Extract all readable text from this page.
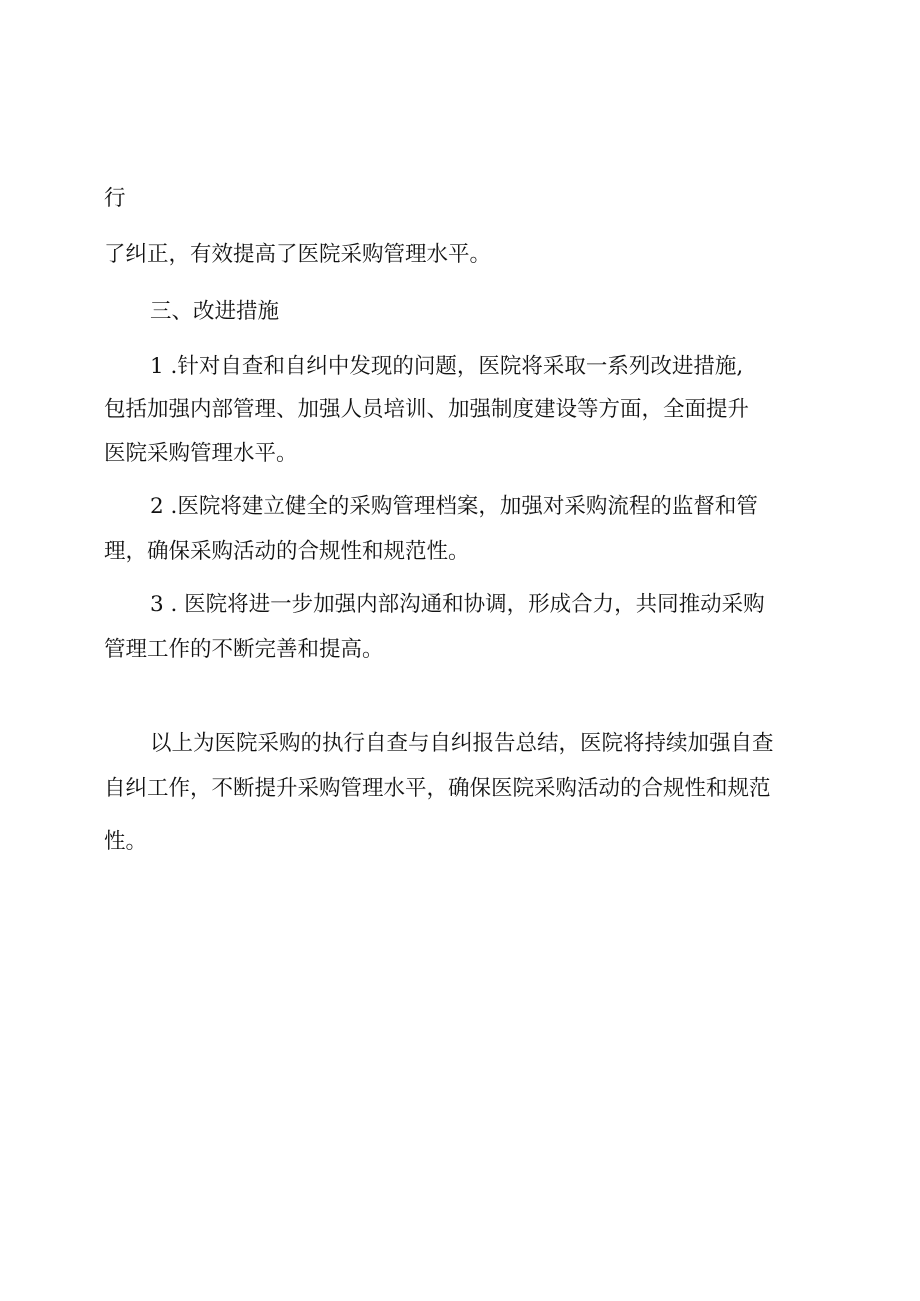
行

了纠正，有效提高了医院采购管理水平。

三、改进措施

1 .针对自查和自纠中发现的问题，医院将采取一系列改进措施,

包括加强内部管理、加强人员培训、加强制度建设等方面，全面提升

医院采购管理水平。

2 .医院将建立健全的采购管理档案，加强对采购流程的监督和管

理，确保采购活动的合规性和规范性。

3 . 医院将进一步加强内部沟通和协调，形成合力，共同推动采购

管理工作的不断完善和提高。

以上为医院采购的执行自查与自纠报告总结，医院将持续加强自查

自纠工作，不断提升采购管理水平，确保医院采购活动的合规性和规范

性。
